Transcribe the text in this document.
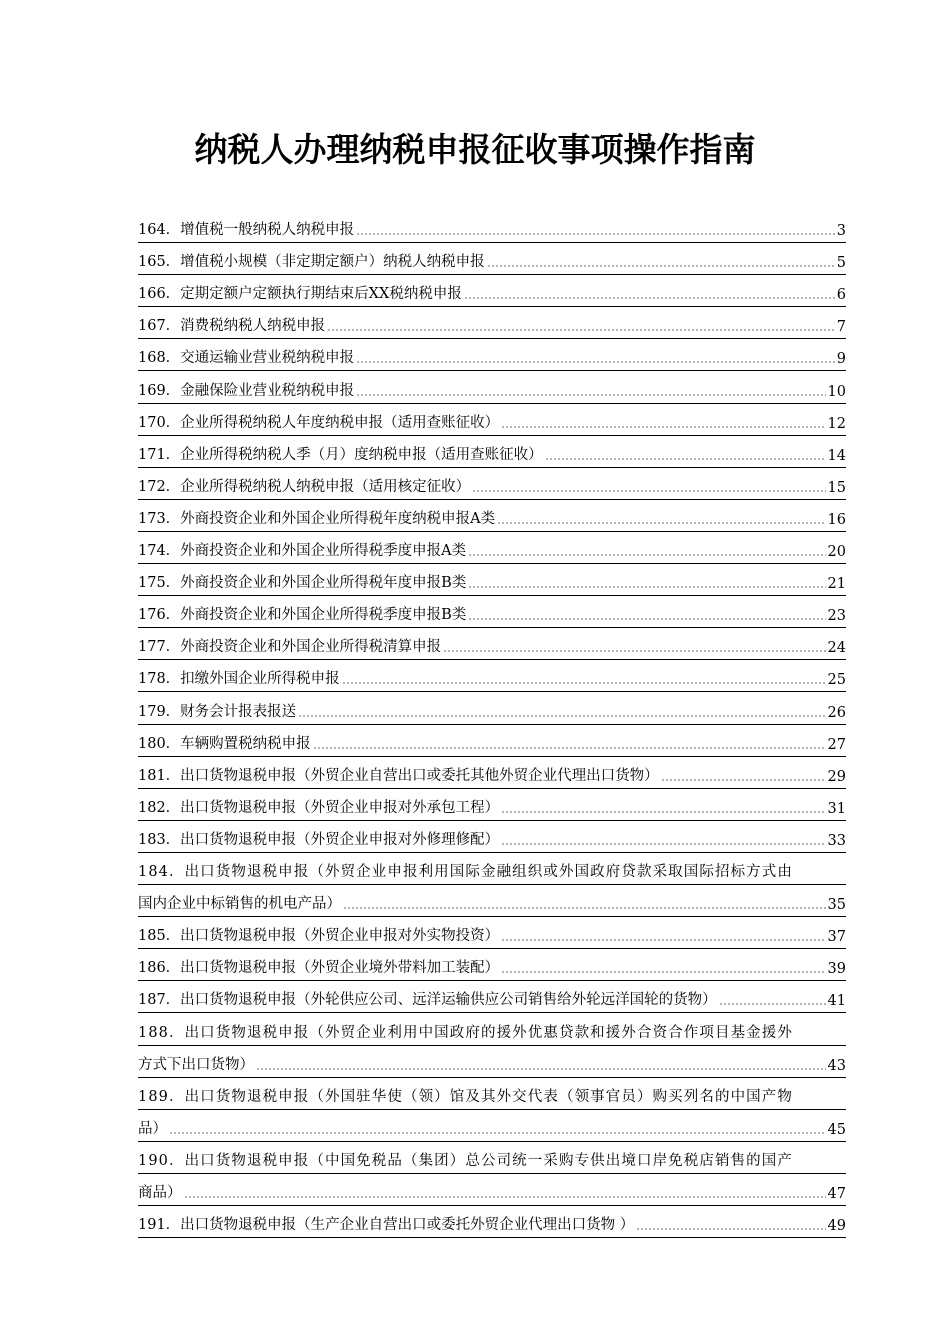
纳税人办理纳税申报征收事项操作指南
164．增值税一般纳税人纳税申报	3
165．增值税小规模（非定期定额户）纳税人纳税申报	5
166．定期定额户定额执行期结束后XX税纳税申报	6
167．消费税纳税人纳税申报	7
168．交通运输业营业税纳税申报	9
169．金融保险业营业税纳税申报	10
170．企业所得税纳税人年度纳税申报（适用查账征收）	12
171．企业所得税纳税人季（月）度纳税申报（适用查账征收）	14
172．企业所得税纳税人纳税申报（适用核定征收）	15
173．外商投资企业和外国企业所得税年度纳税申报A类	16
174．外商投资企业和外国企业所得税季度申报A类	20
175．外商投资企业和外国企业所得税年度申报B类	21
176．外商投资企业和外国企业所得税季度申报B类	23
177．外商投资企业和外国企业所得税清算申报	24
178．扣缴外国企业所得税申报	25
179．财务会计报表报送	26
180．车辆购置税纳税申报	27
181．出口货物退税申报（外贸企业自营出口或委托其他外贸企业代理出口货物）	29
182．出口货物退税申报（外贸企业申报对外承包工程）	31
183．出口货物退税申报（外贸企业申报对外修理修配）	33
184．出口货物退税申报（外贸企业申报利用国际金融组织或外国政府贷款采取国际招标方式由
国内企业中标销售的机电产品）	35
185．出口货物退税申报（外贸企业申报对外实物投资）	37
186．出口货物退税申报（外贸企业境外带料加工装配）	39
187．出口货物退税申报（外轮供应公司、远洋运输供应公司销售给外轮远洋国轮的货物）	41
188．出口货物退税申报（外贸企业利用中国政府的援外优惠贷款和援外合资合作项目基金援外
方式下出口货物）	43
189．出口货物退税申报（外国驻华使（领）馆及其外交代表（领事官员）购买列名的中国产物
品）	45
190．出口货物退税申报（中国免税品（集团）总公司统一采购专供出境口岸免税店销售的国产
商品）	47
191．出口货物退税申报（生产企业自营出口或委托外贸企业代理出口货物 ）	49
